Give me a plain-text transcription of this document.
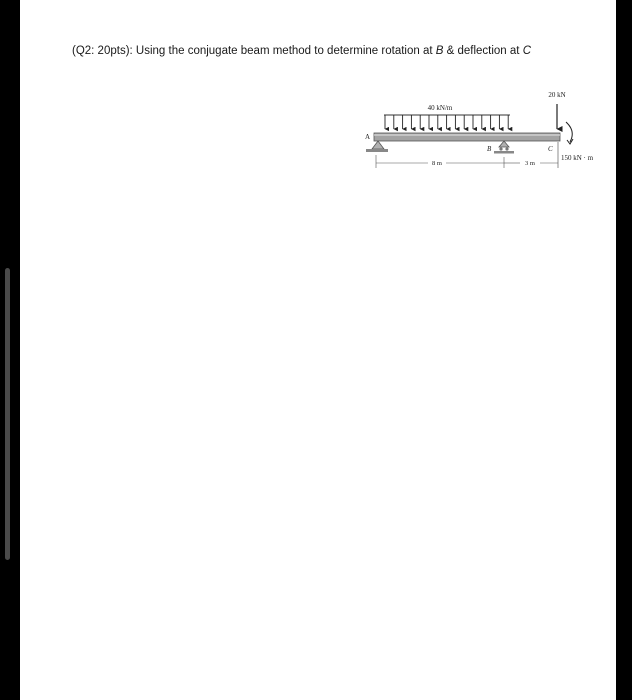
(Q2: 20pts): Using the conjugate beam method to determine rotation at B & deflection at C
40 kN/m
A
B	C
20 kN
150 kN · m
8 m	3 m
